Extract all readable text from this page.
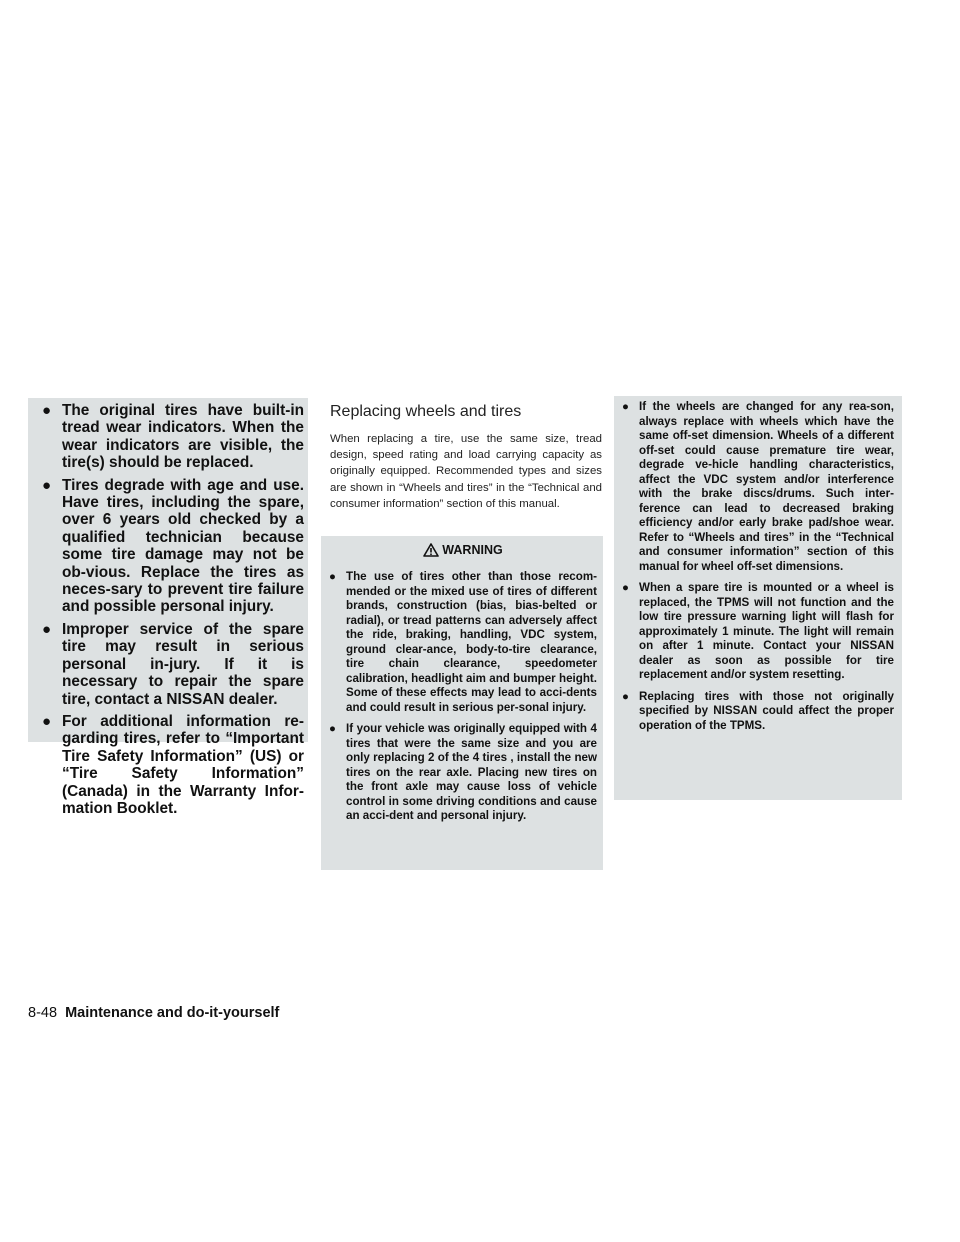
● The original tires have built-in tread wear indicators. When the wear indicators are visible, the tire(s) should be replaced.
● Tires degrade with age and use. Have tires, including the spare, over 6 years old checked by a qualified technician because some tire damage may not be ob-vious. Replace the tires as neces-sary to prevent tire failure and possible personal injury.
● Improper service of the spare tire may result in serious personal in-jury. If it is necessary to repair the spare tire, contact a NISSAN dealer.
● For additional information re-garding tires, refer to “Important Tire Safety Information” (US) or “Tire Safety Information” (Canada) in the Warranty Infor-mation Booklet.
Replacing wheels and tires
When replacing a tire, use the same size, tread design, speed rating and load carrying capacity as originally equipped. Recommended types and sizes are shown in “Wheels and tires” in the “Technical and consumer information” section of this manual.
WARNING
● The use of tires other than those recom-mended or the mixed use of tires of different brands, construction (bias, bias-belted or radial), or tread patterns can adversely affect the ride, braking, handling, VDC system, ground clear-ance, body-to-tire clearance, tire chain clearance, speedometer calibration, headlight aim and bumper height. Some of these effects may lead to acci-dents and could result in serious per-sonal injury.
● If your vehicle was originally equipped with 4 tires that were the same size and you are only replacing 2 of the 4 tires , install the new tires on the rear axle. Placing new tires on the front axle may cause loss of vehicle control in some driving conditions and cause an acci-dent and personal injury.
● If the wheels are changed for any rea-son, always replace with wheels which have the same off-set dimension. Wheels of a different off-set could cause premature tire wear, degrade ve-hicle handling characteristics, affect the VDC system and/or interference with the brake discs/drums. Such inter-ference can lead to decreased braking efficiency and/or early brake pad/shoe wear. Refer to “Wheels and tires” in the “Technical and consumer information” section of this manual for wheel off-set dimensions.
● When a spare tire is mounted or a wheel is replaced, the TPMS will not function and the low tire pressure warning light will flash for approximately 1 minute. The light will remain on after 1 minute. Contact your NISSAN dealer as soon as possible for tire replacement and/or system resetting.
● Replacing tires with those not originally specified by NISSAN could affect the proper operation of the TPMS.
8-48 Maintenance and do-it-yourself
